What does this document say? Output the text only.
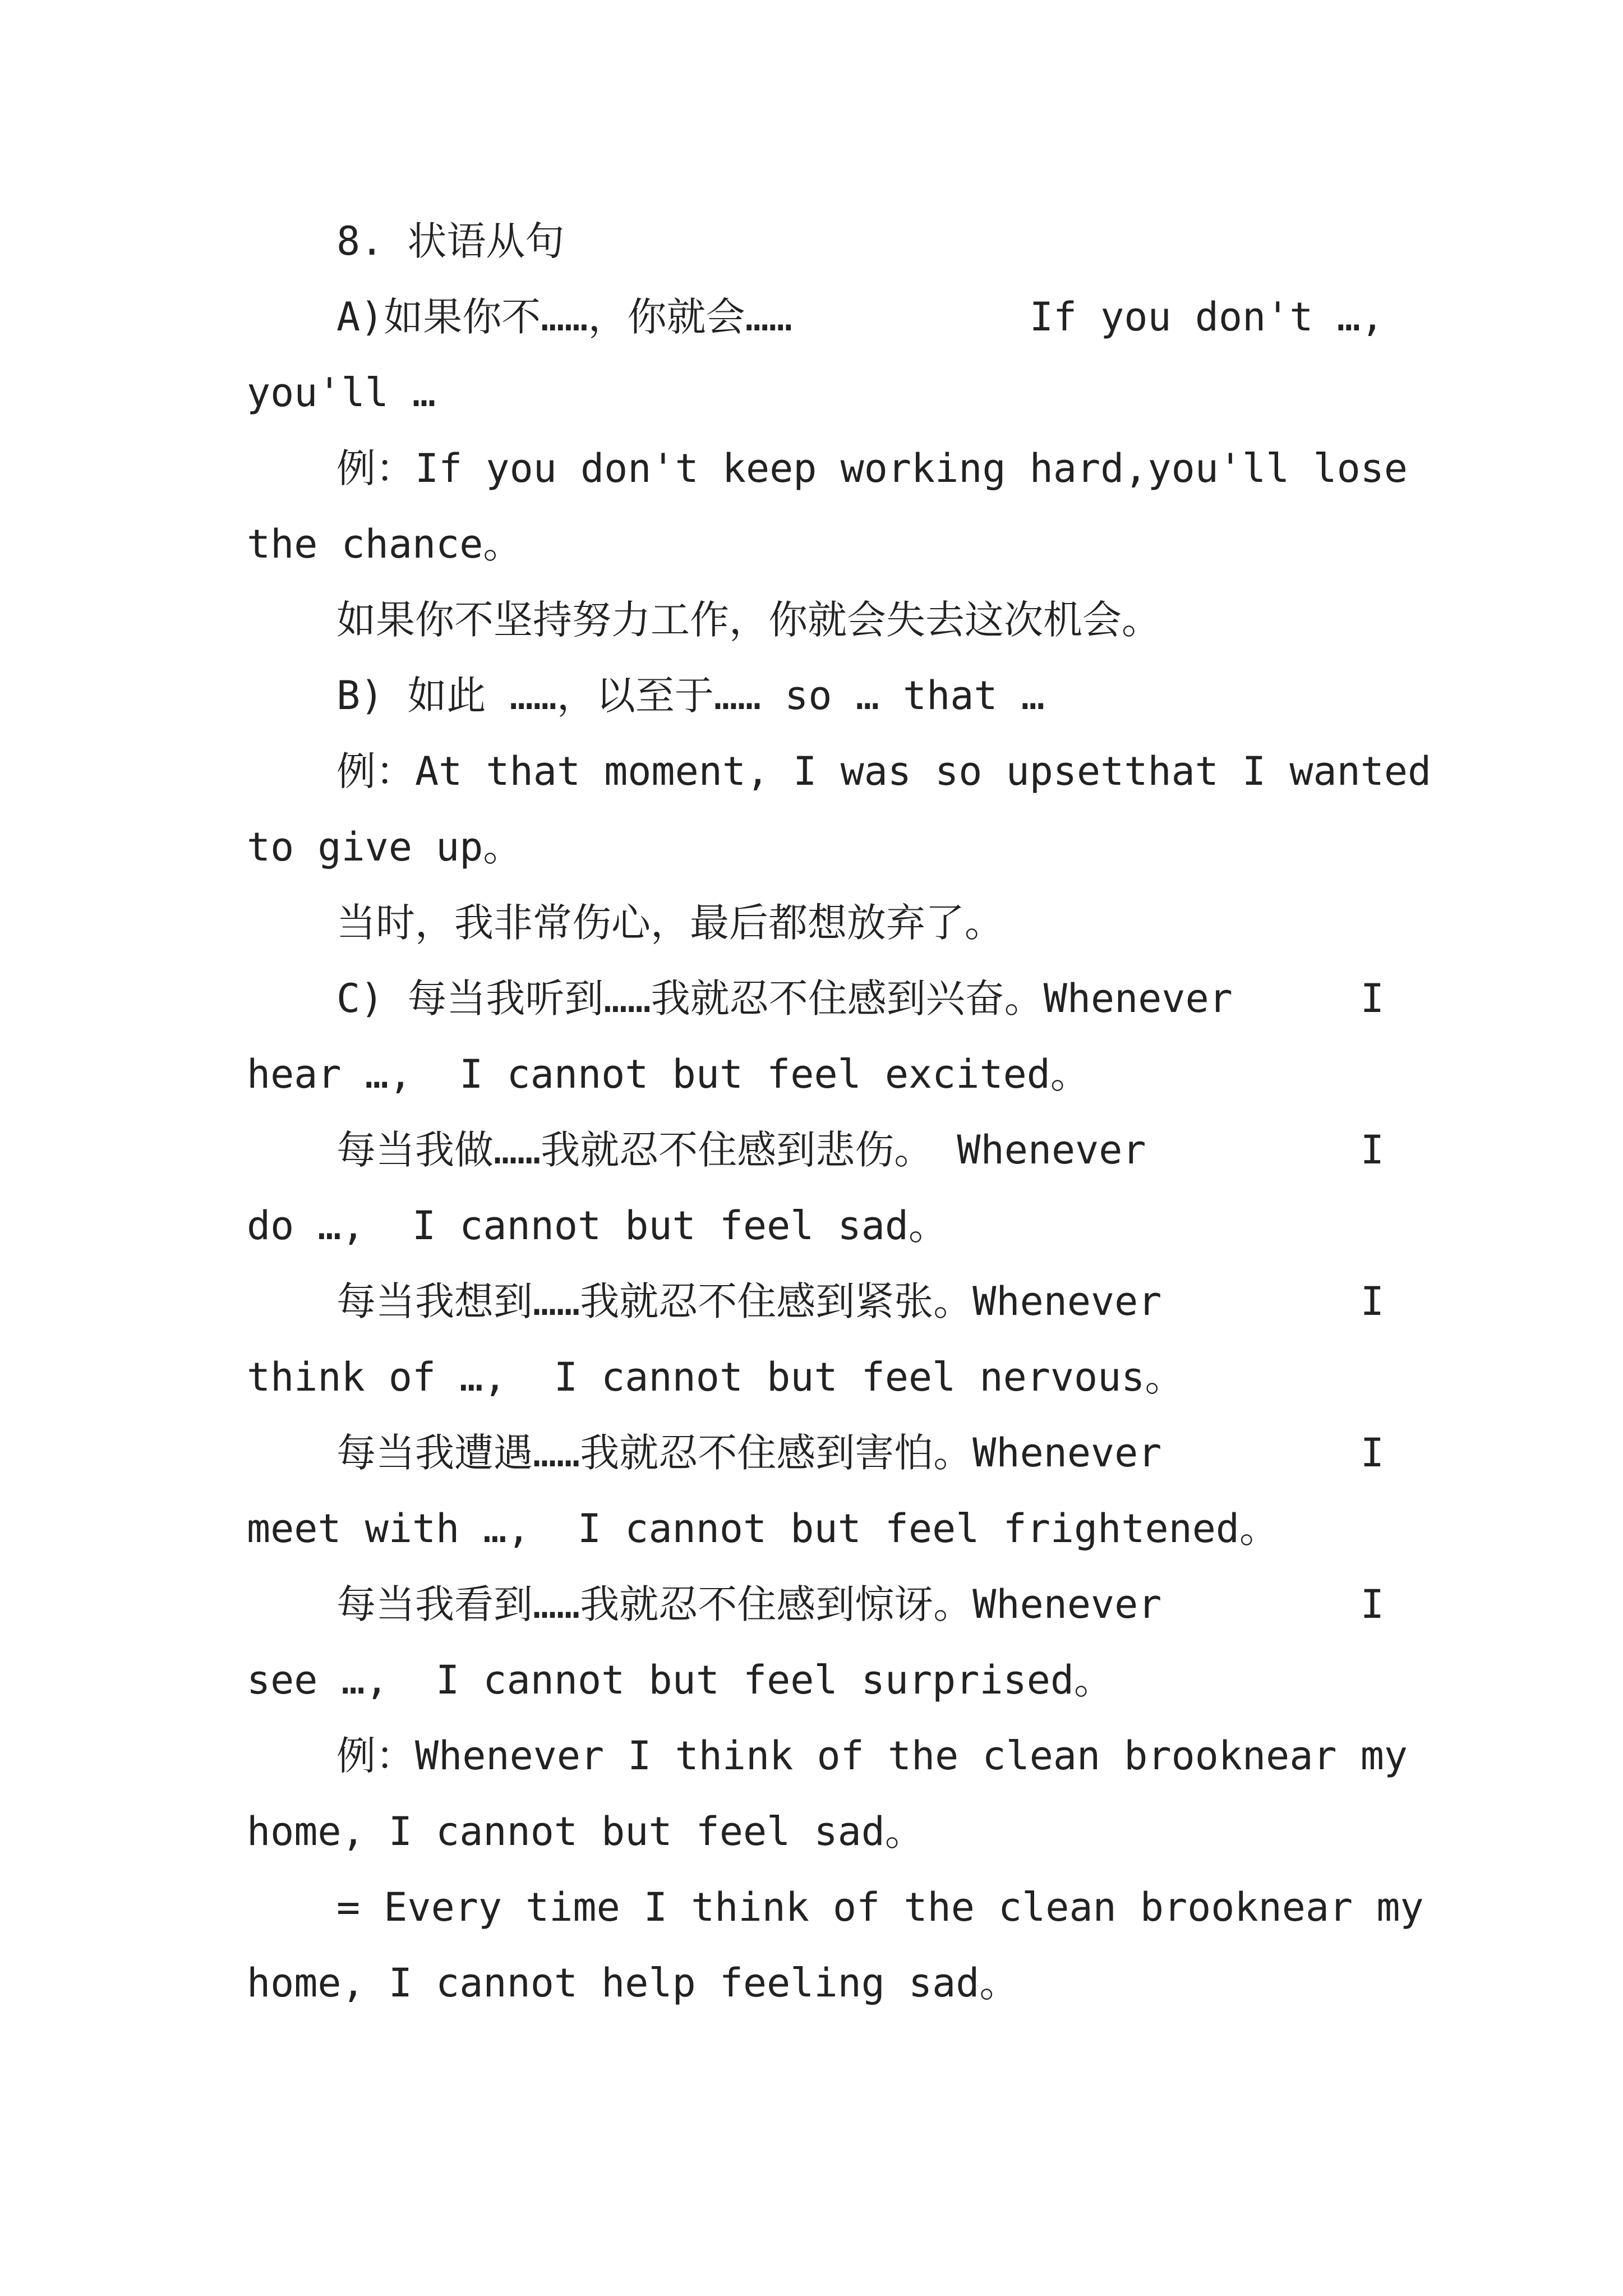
8. 状语从句
A)如果你不……，你就会……	If you don't …,
you'll …
例：If you don't keep working hard, you'll lose
the chance。
如果你不坚持努力工作，你就会失去这次机会。
B) 如此 ……，以至于…… so … that …
例：At that moment, I was so upset that I wanted
to give up。
当时，我非常伤心，最后都想放弃了。
C) 每当我听到……我就忍不住感到兴奋。Whenever	I
hear …,  I cannot but feel excited。
每当我做……我就忍不住感到悲伤。 Whenever	I
do …,  I cannot but feel sad。
每当我想到……我就忍不住感到紧张。Whenever	I
think of …,  I cannot but feel nervous。
每当我遭遇……我就忍不住感到害怕。Whenever	I
meet with …,  I cannot but feel frightened。
每当我看到……我就忍不住感到惊讶。Whenever	I
see …,  I cannot but feel surprised。
例：Whenever I think of the clean brook near my
home, I cannot but feel sad。
= Every time I think of the clean brook near my
home, I cannot help feeling sad。
